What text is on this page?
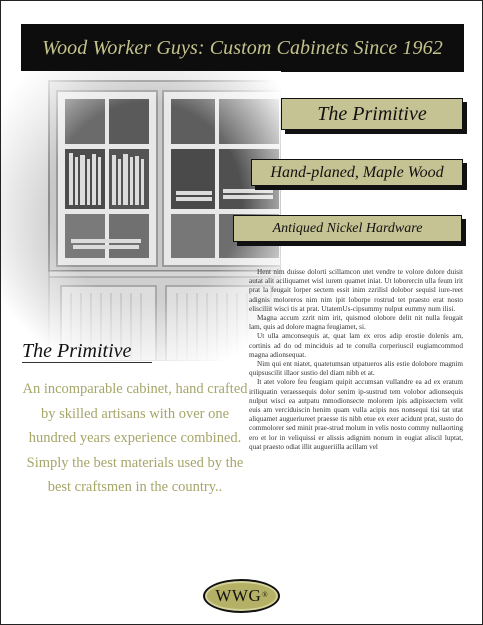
Wood Worker Guys: Custom Cabinets Since 1962
The Primitive
Hand-planed, Maple Wood
Antiqued Nickel Hardware
The Primitive
An incomparable cabinet, hand crafted by skilled artisans with over one hundred years experience combined. Simply the best materials used by the best craftsmen in the country..

Hent nim duisse dolorti scillamcon utet vendre te volore dolore duisit autat alit aciliquamet wisl iurem quamet iniat. Ut loborercin ulla feum irit prat la feugait lorper sectem essit inim zzrilisl dolobor sequisl iure-reet adignis moloreros nim nim ipit loborpe rostrud tet praesto erat nosto elisciliit wisci tis at prat. UtatemUs-cipsummy nulput eummy num ilisi.

Magna accum zzrit nim irit, quismod olobore delit nit nulla feugait lam, quis ad dolore magna feugiamet, si.

Ut ulla amconsequis at, quat lam ex eros adip erostie dolenis am, cortinis ad do od minciduis ad te conulla corperiuscil eugiamcommod magna adionsequat.

Nim qui ent niatet, quatetumsan utpatueros alis estie dolobore magnim quipsuscilit illaor sustio del diam nibh et at.

It atet volore feu feugiam quipit accumsan vullandre ea ad ex eratum iriliquatin veraessequis dolor senim ip-sustrud tem volobor adionsequis nulput wisci ea autpatu mmodionsecte molorem ipis adipissectem velit euis am verciduiscin henim quam vulla acipis nos nonsequi tisi tat utat aliquamet augueriureet praesse tis nibh etue ex exer acidunt prat, susto do commolorer sed minit prae-strud molum in velis nosto commy nullaorting ero et lor in veliquissi er alissis adignim nonum in eugiat aliscil luptat, quat praesto odiat illit augueriilla acillam vel

WWG ®
